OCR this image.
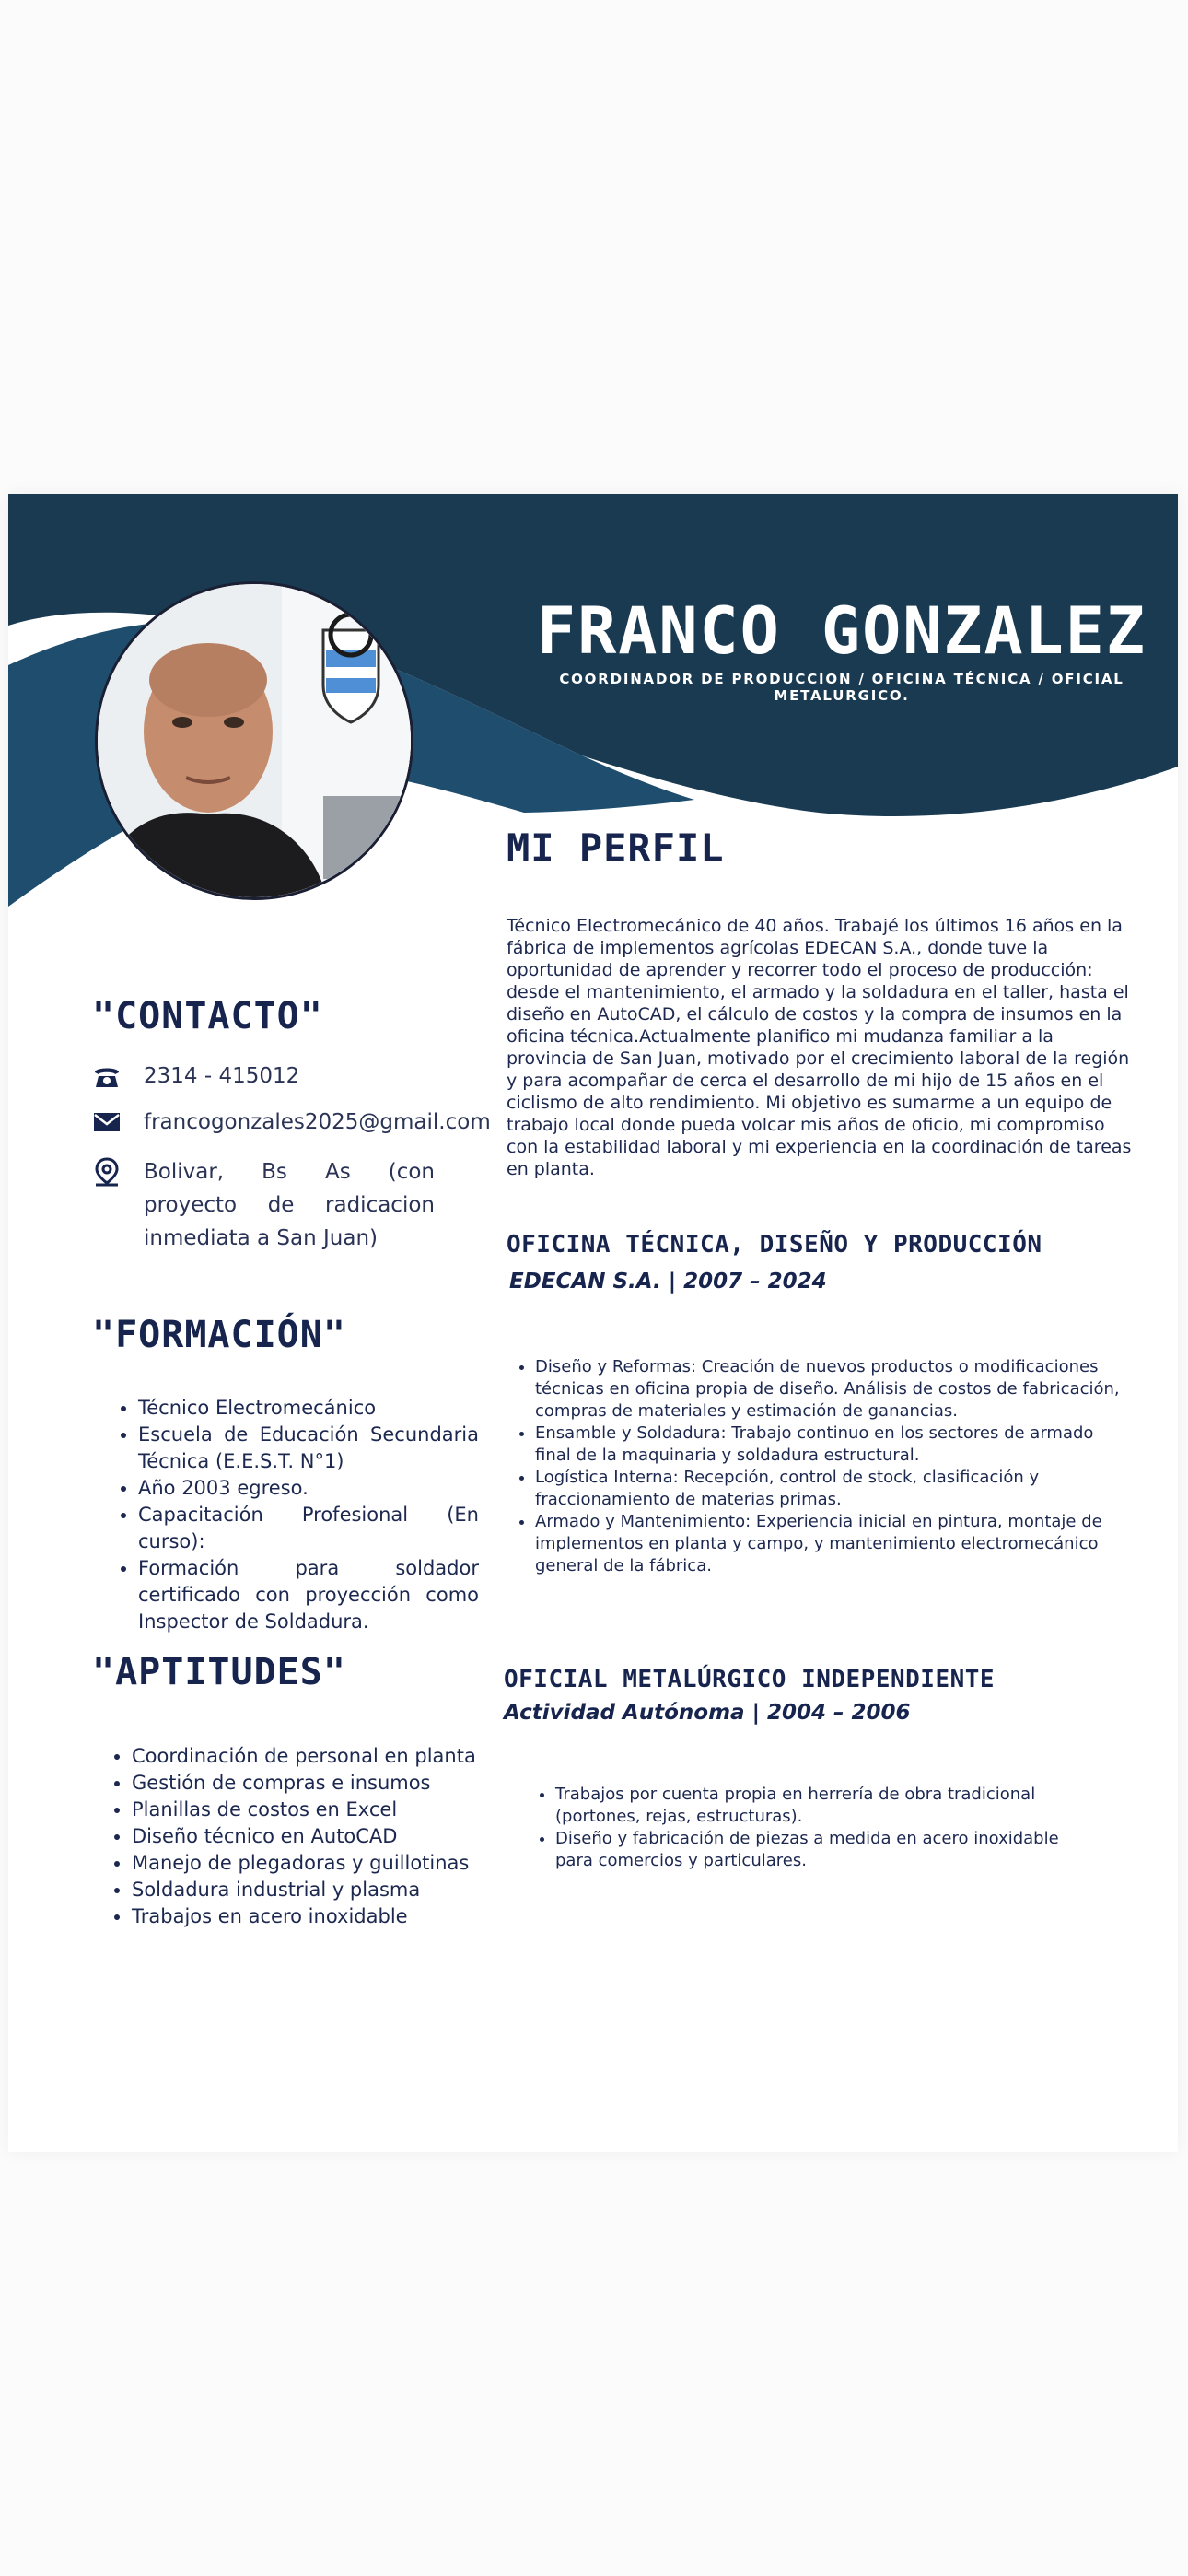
FRANCO GONZALEZ
COORDINADOR DE PRODUCCION / OFICINA TÉCNICA / OFICIAL METALURGICO.
MI PERFIL
Técnico Electromecánico de 40 años. Trabajé los últimos 16 años en la fábrica de implementos agrícolas EDECAN S.A., donde tuve la oportunidad de aprender y recorrer todo el proceso de producción: desde el mantenimiento, el armado y la soldadura en el taller, hasta el diseño en AutoCAD, el cálculo de costos y la compra de insumos en la oficina técnica.Actualmente planifico mi mudanza familiar a la provincia de San Juan, motivado por el crecimiento laboral de la región y para acompañar de cerca el desarrollo de mi hijo de 15 años en el ciclismo de alto rendimiento. Mi objetivo es sumarme a un equipo de trabajo local donde pueda volcar mis años de oficio, mi compromiso con la estabilidad laboral y mi experiencia en la coordinación de tareas en planta.
"CONTACTO"
2314 - 415012
francogonzales2025@gmail.com
Bolivar, Bs As (con proyecto de radicacion inmediata a San Juan)
"FORMACIÓN"
• Técnico Electromecánico
• Escuela de Educación Secundaria Técnica (E.E.S.T. N°1)
• Año 2003 egreso.
• Capacitación Profesional (En curso):
• Formación para soldador certificado con proyección como Inspector de Soldadura.
"APTITUDES"
• Coordinación de personal en planta
• Gestión de compras e insumos
• Planillas de costos en Excel
• Diseño técnico en AutoCAD
• Manejo de plegadoras y guillotinas
• Soldadura industrial y plasma
• Trabajos en acero inoxidable
OFICINA TÉCNICA, DISEÑO Y PRODUCCIÓN
EDECAN S.A. | 2007 – 2024
• Diseño y Reformas: Creación de nuevos productos o modificaciones técnicas en oficina propia de diseño. Análisis de costos de fabricación, compras de materiales y estimación de ganancias.
• Ensamble y Soldadura: Trabajo continuo en los sectores de armado final de la maquinaria y soldadura estructural.
• Logística Interna: Recepción, control de stock, clasificación y fraccionamiento de materias primas.
• Armado y Mantenimiento: Experiencia inicial en pintura, montaje de implementos en planta y campo, y mantenimiento electromecánico general de la fábrica.
OFICIAL METALÚRGICO INDEPENDIENTE
Actividad Autónoma | 2004 – 2006
• Trabajos por cuenta propia en herrería de obra tradicional (portones, rejas, estructuras).
• Diseño y fabricación de piezas a medida en acero inoxidable para comercios y particulares.
